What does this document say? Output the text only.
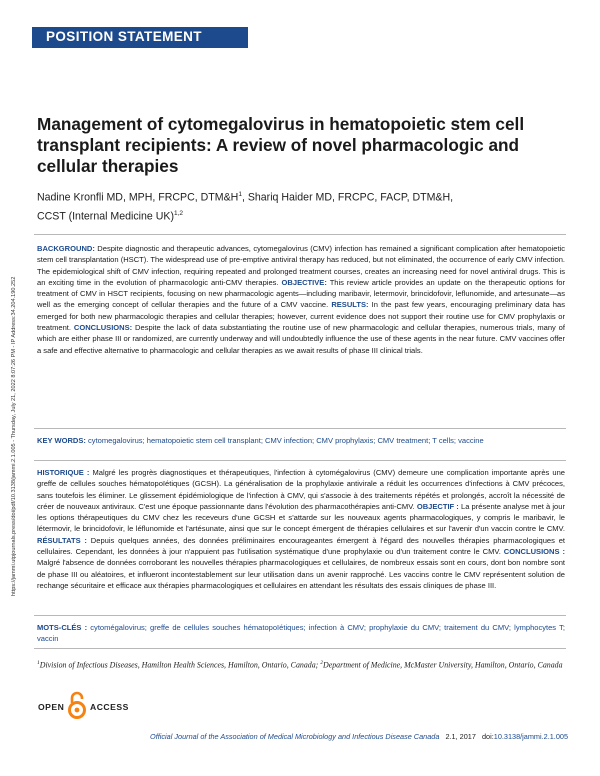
POSITION STATEMENT
https://jammi.utpjournals.press/doi/pdf/10.3138/jammi.2.1.005 - Thursday, July 21, 2022 8:07:26 PM - IP Address:34.204.190.252
Management of cytomegalovirus in hematopoietic stem cell transplant recipients: A review of novel pharmacologic and cellular therapies
Nadine Kronfli MD, MPH, FRCPC, $DTM\&H^1$, Shariq Haider MD, FRCPC, FACP, DTM&H,
CCST (Internal Medicine UK)$^{1,2}$
BACKGROUND: Despite diagnostic and therapeutic advances, cytomegalovirus (CMV) infection has remained a significant complication after hematopoietic stem cell transplantation (HSCT). The widespread use of pre-emptive antiviral therapy has reduced, but not eliminated, the occurrence of early CMV infection. The epidemiological shift of CMV infection, requiring repeated and prolonged treatment courses, creates an increasing need for novel antiviral drugs. This is an exciting time in the evolution of pharmacologic anti-CMV therapies. OBJECTIVE: This review article provides an update on the therapeutic options for treatment of CMV in HSCT recipients, focusing on new pharmacologic agents—including maribavir, letermovir, brincidofovir, leflunomide, and artesunate—as well as the emerging concept of cellular therapies and the future of a CMV vaccine. RESULTS: In the past few years, encouraging preliminary data has emerged for both new pharmacologic therapies and cellular therapies; however, current evidence does not support their routine use for CMV prophylaxis or treatment. CONCLUSIONS: Despite the lack of data substantiating the routine use of new pharmacologic and cellular therapies, numerous trials, many of which are either phase III or randomized, are currently underway and will undoubtedly influence the use of these agents in the near future. CMV vaccines offer a safe and effective alternative to pharmacologic and cellular therapies as we await results of phase III clinical trials.
KEY WORDS: cytomegalovirus; hematopoietic stem cell transplant; CMV infection; CMV prophylaxis; CMV treatment; T cells; vaccine
HISTORIQUE : Malgré les progrès diagnostiques et thérapeutiques, l'infection à cytomégalovirus (CMV) demeure une complication importante après une greffe de cellules souches hématopoïétiques (GCSH). La généralisation de la prophylaxie antivirale a réduit les occurrences d'infections à CMV précoces, sans toutefois les éliminer. Le glissement épidémiologique de l'infection à CMV, qui s'associe à des traitements répétés et prolongés, accroît la nécessité de créer de nouveaux antiviraux. C'est une époque passionnante dans l'évolution des pharmacothérapies anti-CMV. OBJECTIF : La présente analyse met à jour les options thérapeutiques du CMV chez les receveurs d'une GCSH et s'attarde sur les nouveaux agents pharmacologiques, y compris le maribavir, le létermovir, le brincidofovir, le léflunomide et l'artésunate, ainsi que sur le concept émergent de thérapies cellulaires et sur l'avenir d'un vaccin contre le CMV. RÉSULTATS : Depuis quelques années, des données préliminaires encourageantes émergent à l'égard des nouvelles thérapies pharmacologiques et cellulaires. Cependant, les données à jour n'appuient pas l'utilisation systématique d'une prophylaxie ou d'un traitement contre le CMV. CONCLUSIONS : Malgré l'absence de données corroborant les nouvelles thérapies pharmacologiques et cellulaires, de nombreux essais sont en cours, dont bon nombre sont de phase III ou aléatoires, et influeront incontestablement sur leur utilisation dans un avenir rapproché. Les vaccins contre le CMV représentent solution de rechange sécuritaire et efficace aux thérapies pharmacologiques et cellulaires en attendant les résultats des essais cliniques de phase III.
MOTS-CLÉS : cytomégalovirus; greffe de cellules souches hématopoïétiques; infection à CMV; prophylaxie du CMV; traitement du CMV; lymphocytes T; vaccin
$^1$Division of Infectious Diseases, Hamilton Health Sciences, Hamilton, Ontario, Canada; $^2$Department of Medicine, McMaster University, Hamilton, Ontario, Canada
OPEN	ACCESS
Official Journal of the Association of Medical Microbiology and Infectious Disease Canada 2.1, 2017 doi:10.3138/jammi.2.1.005
